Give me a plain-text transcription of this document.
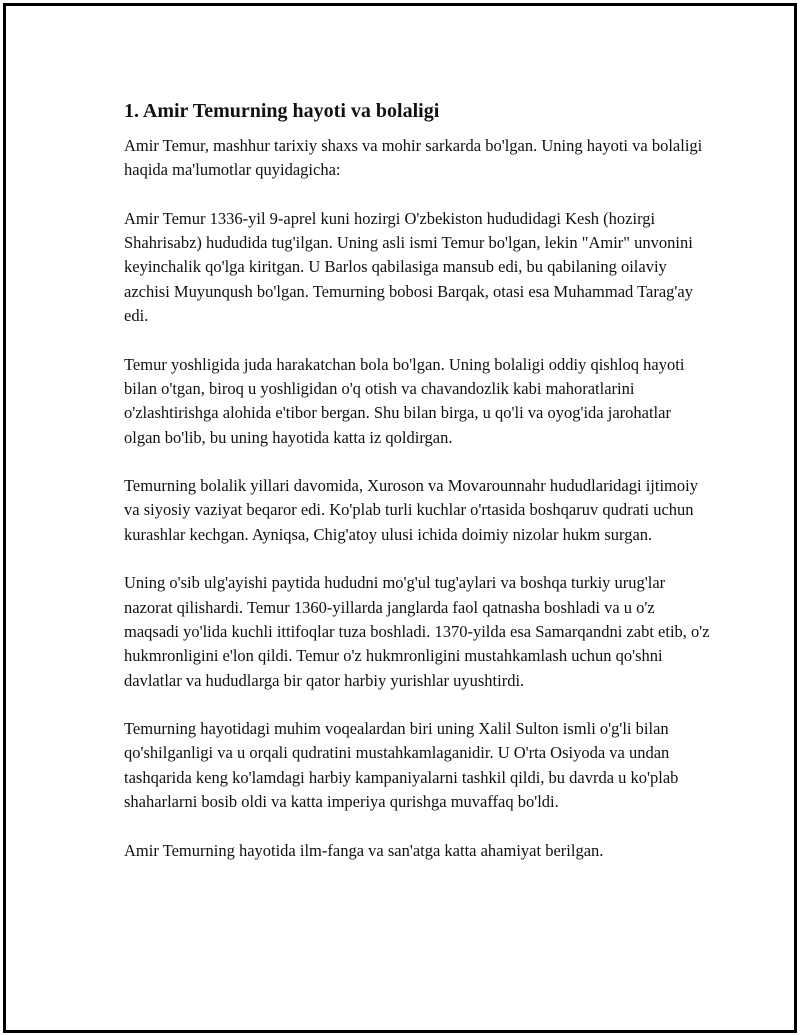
1. Amir Temurning hayoti va bolaligi

Amir Temur, mashhur tarixiy shaxs va mohir sarkarda bo'lgan. Uning hayoti va bolaligi haqida ma'lumotlar quyidagicha:

Amir Temur 1336-yil 9-aprel kuni hozirgi O'zbekiston hududidagi Kesh (hozirgi Shahrisabz) hududida tug'ilgan. Uning asli ismi Temur bo'lgan, lekin "Amir" unvonini keyinchalik qo'lga kiritgan. U Barlos qabilasiga mansub edi, bu qabilaning oilaviy azchisi Muyunqush bo'lgan. Temurning bobosi Barqak, otasi esa Muhammad Tarag'ay edi.

Temur yoshligida juda harakatchan bola bo'lgan. Uning bolaligi oddiy qishloq hayoti bilan o'tgan, biroq u yoshligidan o'q otish va chavandozlik kabi mahoratlarini o'zlashtirishga alohida e'tibor bergan. Shu bilan birga, u qo'li va oyog'ida jarohatlar olgan bo'lib, bu uning hayotida katta iz qoldirgan.

Temurning bolalik yillari davomida, Xuroson va Movarounnahr hududlaridagi ijtimoiy va siyosiy vaziyat beqaror edi. Ko'plab turli kuchlar o'rtasida boshqaruv qudrati uchun kurashlar kechgan. Ayniqsa, Chig'atoy ulusi ichida doimiy nizolar hukm surgan.

Uning o'sib ulg'ayishi paytida hududni mo'g'ul tug'aylari va boshqa turkiy urug'lar nazorat qilishardi. Temur 1360-yillarda janglarda faol qatnasha boshladi va u o'z maqsadi yo'lida kuchli ittifoqlar tuza boshladi. 1370-yilda esa Samarqandni zabt etib, o'z hukmronligini e'lon qildi. Temur o'z hukmronligini mustahkamlash uchun qo'shni davlatlar va hududlarga bir qator harbiy yurishlar uyushtirdi.

Temurning hayotidagi muhim voqealardan biri uning Xalil Sulton ismli o'g'li bilan qo'shilganligi va u orqali qudratini mustahkamlaganidir. U O'rta Osiyoda va undan tashqarida keng ko'lamdagi harbiy kampaniyalarni tashkil qildi, bu davrda u ko'plab shaharlarni bosib oldi va katta imperiya qurishga muvaffaq bo'ldi.

Amir Temurning hayotida ilm-fanga va san'atga katta ahamiyat berilgan.
